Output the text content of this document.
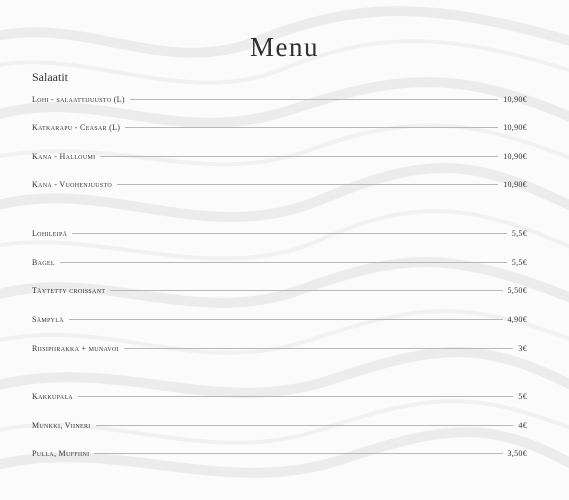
Menu
Salaatit
Lohi - salaattijuusto (L)	10,90€
Katkarapu - Ceasar (L)	10,90€
Kana - Halloumi	10,90€
Kana - Vuohenjuusto	10,90€
Lohileipä	5,5€
Bagel	5,5€
Täytetty croissant	5,50€
Sämpylä	4,90€
Riisipiirakka + munavoi	3€
Kakkupala	5€
Munkki, Viineri	4€
Pulla, Muffiini	3,50€
